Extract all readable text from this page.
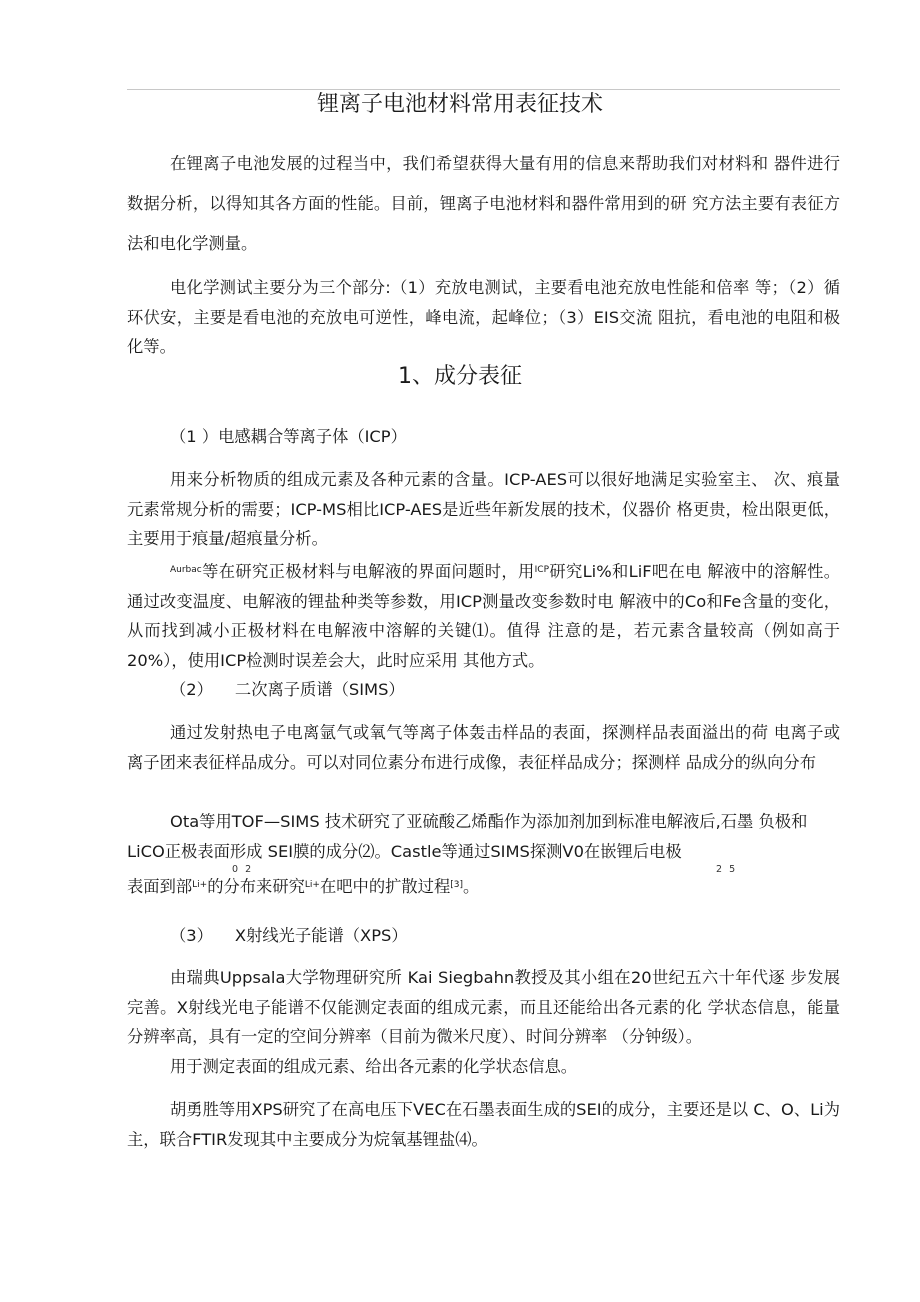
锂离子电池材料常用表征技术

在锂离子电池发展的过程当中，我们希望获得大量有用的信息来帮助我们对材料和 器件进行数据分析，以得知其各方面的性能。目前，锂离子电池材料和器件常用到的研 究方法主要有表征方法和电化学测量。

电化学测试主要分为三个部分:（1）充放电测试，主要看电池充放电性能和倍率 等；（2）循环伏安，主要是看电池的充放电可逆性，峰电流，起峰位；（3）EIS交流 阻抗，看电池的电阻和极化等。

1、成分表征

（1 ）电感耦合等离子体（ICP）

用来分析物质的组成元素及各种元素的含量。ICP-AES可以很好地满足实验室主、 次、痕量元素常规分析的需要；ICP-MS相比ICP-AES是近些年新发展的技术，仪器价 格更贵，检出限更低，主要用于痕量/超痕量分析。

$^{Aurbac}$等在研究正极材料与电解液的界面问题时，用$^{ICP}$研究Li%和LiF吧在电 解液中的溶解性。通过改变温度、电解液的锂盐种类等参数，用ICP测量改变参数时电 解液中的Co和Fe含量的变化，从而找到减小正极材料在电解液中溶解的关键⑴。值得 注意的是，若元素含量较高（例如高于 20%），使用ICP检测时误差会大，此时应采用 其他方式。

（2） 二次离子质谱（SIMS）

通过发射热电子电离氩气或氧气等离子体轰击样品的表面，探测样品表面溢出的荷 电离子或离子团来表征样品成分。可以对同位素分布进行成像，表征样品成分；探测样 品成分的纵向分布

Ota等用TOF—SIMS 技术研究了亚硫酸乙烯酯作为添加剂加到标准电解液后,石墨 负极和

LiCO正极表面形成 SEI膜的成分⑵。Castle等通过SIMS探测V0在嵌锂后电极

0 2	2 5

表面到部$^{Li+}$的分布来研究$^{Li+}$在吧中的扩散过程[3]。

（3） X射线光子能谱（XPS）

由瑞典Uppsala大学物理研究所 Kai Siegbahn教授及其小组在20世纪五六十年代逐 步发展完善。X射线光电子能谱不仅能测定表面的组成元素，而且还能给出各元素的化 学状态信息，能量分辨率高，具有一定的空间分辨率（目前为微米尺度）、时间分辨率 （分钟级）。

用于测定表面的组成元素、给出各元素的化学状态信息。

胡勇胜等用XPS研究了在高电压下VEC在石墨表面生成的SEI的成分，主要还是以 C、O、Li为主，联合FTIR发现其中主要成分为烷氧基锂盐⑷。
